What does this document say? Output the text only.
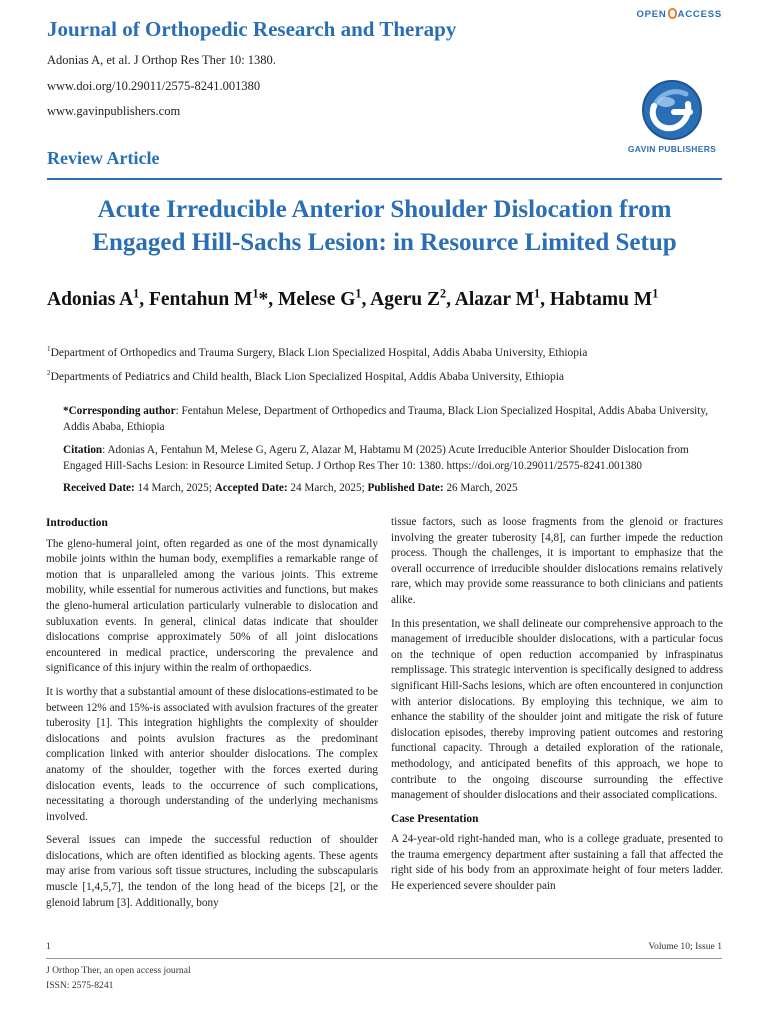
Journal of Orthopedic Research and Therapy
Adonias A, et al. J Orthop Res Ther 10: 1380.
www.doi.org/10.29011/2575-8241.001380
www.gavinpublishers.com
OPEN ACCESS
GAVIN PUBLISHERS
Review Article
Acute Irreducible Anterior Shoulder Dislocation from
Engaged Hill-Sachs Lesion: in Resource Limited Setup
Adonias $A^1$, Fentahun $M^1*$, Melese $G^1$, Ageru $Z^2$, Alazar $M^1$, Habtamu $M^1$
$^1$Department of Orthopedics and Trauma Surgery, Black Lion Specialized Hospital, Addis Ababa University, Ethiopia
$^2$Departments of Pediatrics and Child health, Black Lion Specialized Hospital, Addis Ababa University, Ethiopia
*Corresponding author: Fentahun Melese, Department of Orthopedics and Trauma, Black Lion Specialized Hospital, Addis Ababa University, Addis Ababa, Ethiopia
Citation: Adonias A, Fentahun M, Melese G, Ageru Z, Alazar M, Habtamu M (2025) Acute Irreducible Anterior Shoulder Dislocation from Engaged Hill-Sachs Lesion: in Resource Limited Setup. J Orthop Res Ther 10: 1380. https://doi.org/10.29011/2575-8241.001380
Received Date: 14 March, 2025; Accepted Date: 24 March, 2025; Published Date: 26 March, 2025
Introduction

The gleno-humeral joint, often regarded as one of the most dynamically mobile joints within the human body, exemplifies a remarkable range of motion that is unparalleled among the various joints. This extreme mobility, while essential for numerous activities and functions, but makes the gleno-humeral articulation particularly vulnerable to dislocation and subluxation events. In general, clinical datas indicate that shoulder dislocations comprise approximately 50% of all joint dislocations encountered in medical practice, underscoring the prevalence and significance of this injury within the realm of orthopaedics.

It is worthy that a substantial amount of these dislocations-estimated to be between 12% and 15%-is associated with avulsion fractures of the greater tuberosity [1]. This integration highlights the complexity of shoulder dislocations and points avulsion fractures as the predominant complication linked with anterior shoulder dislocations. The complex anatomy of the shoulder, together with the forces exerted during dislocation events, leads to the occurrence of such complications, necessitating a thorough understanding of the underlying mechanisms involved.

Several issues can impede the successful reduction of shoulder dislocations, which are often identified as blocking agents. These agents may arise from various soft tissue structures, including the subscapularis muscle [1,4,5,7], the tendon of the long head of the biceps [2], or the glenoid labrum [3]. Additionally, bony

tissue factors, such as loose fragments from the glenoid or fractures involving the greater tuberosity [4,8], can further impede the reduction process. Though the challenges, it is important to emphasize that the overall occurrence of irreducible shoulder dislocations remains relatively rare, which may provide some reassurance to both clinicians and patients alike.

In this presentation, we shall delineate our comprehensive approach to the management of irreducible shoulder dislocations, with a particular focus on the technique of open reduction accompanied by infraspinatus remplissage. This strategic intervention is specifically designed to address significant Hill-Sachs lesions, which are often encountered in conjunction with anterior dislocations. By employing this technique, we aim to enhance the stability of the shoulder joint and mitigate the risk of future dislocation episodes, thereby improving patient outcomes and restoring functional capacity. Through a detailed exploration of the rationale, methodology, and anticipated benefits of this approach, we hope to contribute to the ongoing discourse surrounding the effective management of shoulder dislocations and their associated complications.

Case Presentation

A 24-year-old right-handed man, who is a college graduate, presented to the trauma emergency department after sustaining a fall that affected the right side of his body from an approximate height of four meters ladder. He experienced severe shoulder pain

1	Volume 10; Issue 1
J Orthop Ther, an open access journal
ISSN: 2575-8241
